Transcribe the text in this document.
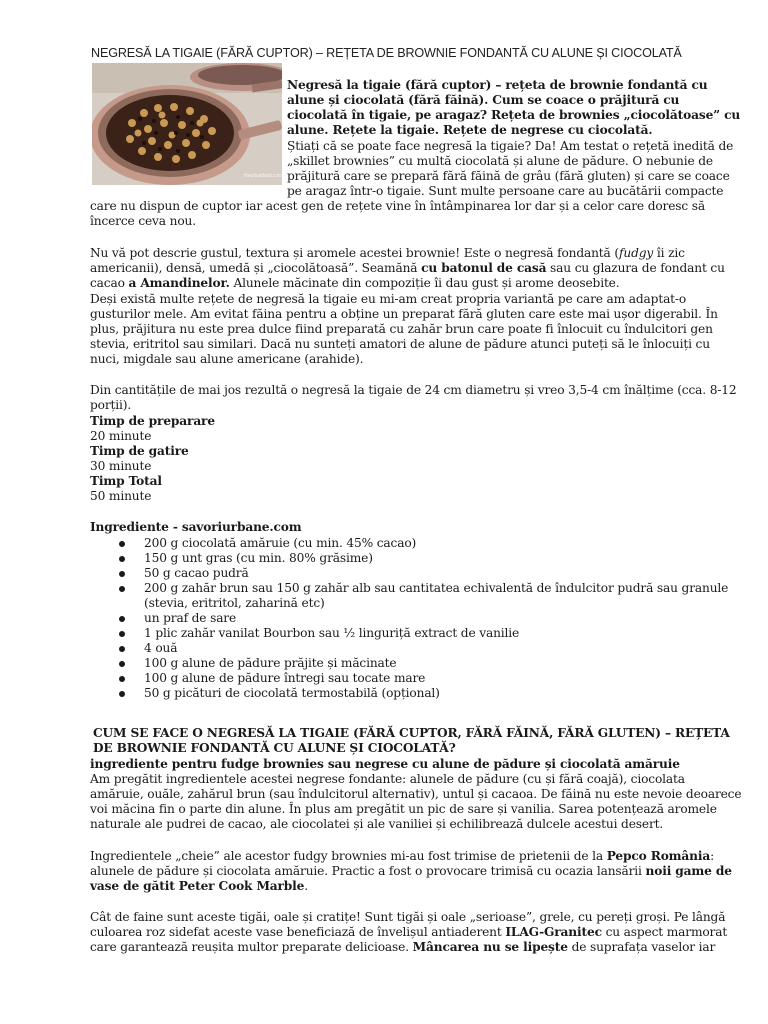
NEGRESĂ LA TIGAIE (FĂRĂ CUPTOR) – REȚETA DE BROWNIE FONDANTĂ CU ALUNE ȘI CIOCOLATĂ
theurbanfood.com

Negresă la tigaie (fără cuptor) – rețeta de brownie fondantă cu alune și ciocolată (fără făină). Cum se coace o prăjitură cu ciocolată în tigaie, pe aragaz? Rețeta de brownies „ciocolătoase” cu alune. Rețete la tigaie. Rețete de negrese cu ciocolată.

Știați că se poate face negresă la tigaie? Da! Am testat o rețetă inedită de „skillet brownies” cu multă ciocolată și alune de pădure. O nebunie de prăjitură care se prepară fără făină de grâu (fără gluten) și care se coace pe aragaz într-o tigaie. Sunt multe persoane care au bucătării compacte

care nu dispun de cuptor iar acest gen de rețete vine în întâmpinarea lor dar și a celor care doresc să încerce ceva nou.

Nu vă pot descrie gustul, textura și aromele acestei brownie! Este o negresă fondantă (fudgy îi zic americanii), densă, umedă și „ciocolătoasă”. Seamănă cu batonul de casă sau cu glazura de fondant cu cacao a Amandinelor. Alunele măcinate din compoziție îi dau gust și arome deosebite.

Deși există multe rețete de negresă la tigaie eu mi-am creat propria variantă pe care am adaptat-o gusturilor mele. Am evitat făina pentru a obține un preparat fără gluten care este mai ușor digerabil. În plus, prăjitura nu este prea dulce fiind preparată cu zahăr brun care poate fi înlocuit cu îndulcitori gen stevia, eritritol sau similari. Dacă nu sunteți amatori de alune de pădure atunci puteți să le înlocuiți cu nuci, migdale sau alune americane (arahide).

Din cantitățile de mai jos rezultă o negresă la tigaie de 24 cm diametru și vreo 3,5-4 cm înălțime (cca. 8-12 porții).

Timp de preparare
20 minute
Timp de gatire
30 minute
Timp Total
50 minute

Ingrediente - savoriurbane.com

200 g ciocolată amăruie (cu min. 45% cacao)
150 g unt gras (cu min. 80% grăsime)
50 g cacao pudră
200 g zahăr brun sau 150 g zahăr alb sau cantitatea echivalentă de îndulcitor pudră sau granule (stevia, eritritol, zaharină etc)
un praf de sare
1 plic zahăr vanilat Bourbon sau ½ linguriță extract de vanilie
4 ouă
100 g alune de pădure prăjite și măcinate
100 g alune de pădure întregi sau tocate mare
50 g picături de ciocolată termostabilă (opțional)

CUM SE FACE O NEGRESĂ LA TIGAIE (FĂRĂ CUPTOR, FĂRĂ FĂINĂ, FĂRĂ GLUTEN) – REȚETA DE BROWNIE FONDANTĂ CU ALUNE ȘI CIOCOLATĂ?

ingrediente pentru fudge brownies sau negrese cu alune de pădure și ciocolată amăruie

Am pregătit ingredientele acestei negrese fondante: alunele de pădure (cu și fără coajă), ciocolata amăruie, ouăle, zahărul brun (sau îndulcitorul alternativ), untul și cacaoa. De făină nu este nevoie deoarece voi măcina fin o parte din alune. În plus am pregătit un pic de sare și vanilia. Sarea potențează aromele naturale ale pudrei de cacao, ale ciocolatei și ale vaniliei și echilibrează dulcele acestui desert.

Ingredientele „cheie” ale acestor fudgy brownies mi-au fost trimise de prietenii de la Pepco România: alunele de pădure și ciocolata amăruie. Practic a fost o provocare trimisă cu ocazia lansării noii game de vase de gătit Peter Cook Marble.

Cât de faine sunt aceste tigăi, oale și cratițe! Sunt tigăi și oale „serioase”, grele, cu pereți groși. Pe lângă culoarea roz sidefat aceste vase beneficiază de învelișul antiaderent ILAG-Granitec cu aspect marmorat care garantează reușita multor preparate delicioase. Mâncarea nu se lipește de suprafața vaselor iar
